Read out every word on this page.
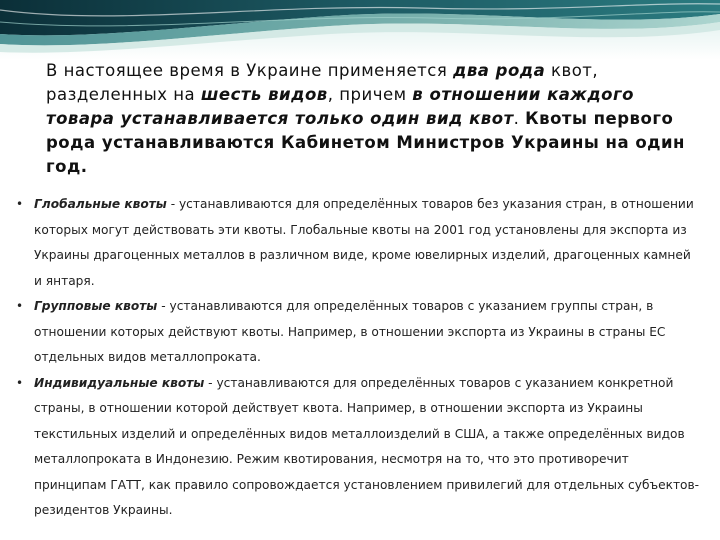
В настоящее время в Украине применяется два рода квот, разделенных на шесть видов, причем в отношении каждого товара устанавливается только один вид квот. Квоты первого рода устанавливаются Кабинетом Министров Украины на один год.
• Глобальные квоты - устанавливаются для определённых товаров без указания стран, в отношении которых могут действовать эти квоты. Глобальные квоты на 2001 год установлены для экспорта из Украины драгоценных металлов в различном виде, кроме ювелирных изделий, драгоценных камней и янтаря.
• Групповые квоты - устанавливаются для определённых товаров с указанием группы стран, в отношении которых действуют квоты. Например, в отношении экспорта из Украины в страны ЕС отдельных видов металлопроката.
• Индивидуальные квоты - устанавливаются для определённых товаров с указанием конкретной страны, в отношении которой действует квота. Например, в отношении экспорта из Украины текстильных изделий и определённых видов металлоизделий в США, а также определённых видов металлопроката в Индонезию. Режим квотирования, несмотря на то, что это противоречит принципам ГАТТ, как правило сопровождается установлением привилегий для отдельных субъектов-резидентов Украины.
